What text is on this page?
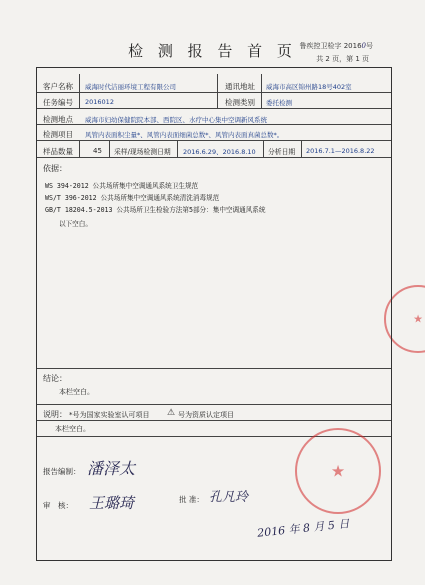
检 测 报 告 首 页 鲁疾控卫检字 20160号
共 2 页，第 1 页
★
客户名称 威海时代洁丽环境工程有限公司	通讯地址 威海市高区锦州路18号402室
任务编号 2016012	检测类别 委托检测
检测地点 威海市妇幼保健院院本部、西院区、水疗中心集中空调新风系统
检测项目 风管内表面积尘量*、风管内表面细菌总数*、风管内表面真菌总数*。
样品数量	45 采样/现场检测日期 2016.6.29、2016.8.10 分析日期 2016.7.1—2016.8.22
依据：
WS 394-2012 公共场所集中空调通风系统卫生规范
WS/T 396-2012 公共场所集中空调通风系统清洗消毒规范
GB/T 18204.5-2013 公共场所卫生检验方法第5部分：集中空调通风系统
以下空白。
结论：
本栏空白。
说明： *号为国家实验室认可项目 ⚠ 号为资质认定项目
本栏空白。
报告编制： 潘泽太
审　核： 王璐琦	批 准： 孔凡玲
2016 年 8 月 5 日
★
